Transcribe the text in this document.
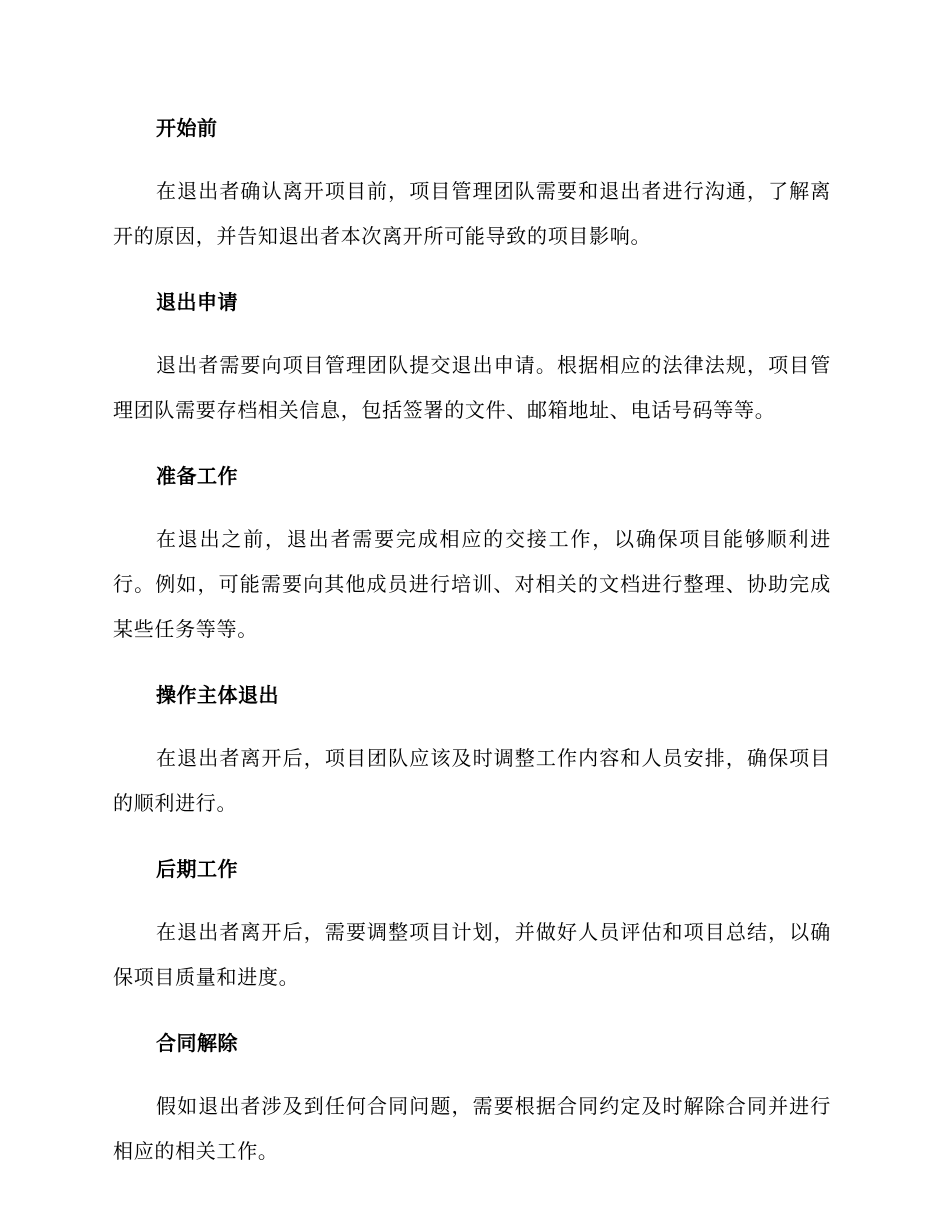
开始前

在退出者确认离开项目前，项目管理团队需要和退出者进行沟通，了解离开的原因，并告知退出者本次离开所可能导致的项目影响。

退出申请

退出者需要向项目管理团队提交退出申请。根据相应的法律法规，项目管理团队需要存档相关信息，包括签署的文件、邮箱地址、电话号码等等。

准备工作

在退出之前，退出者需要完成相应的交接工作，以确保项目能够顺利进行。例如，可能需要向其他成员进行培训、对相关的文档进行整理、协助完成某些任务等等。

操作主体退出

在退出者离开后，项目团队应该及时调整工作内容和人员安排，确保项目的顺利进行。

后期工作

在退出者离开后，需要调整项目计划，并做好人员评估和项目总结，以确保项目质量和进度。

合同解除

假如退出者涉及到任何合同问题，需要根据合同约定及时解除合同并进行相应的相关工作。
